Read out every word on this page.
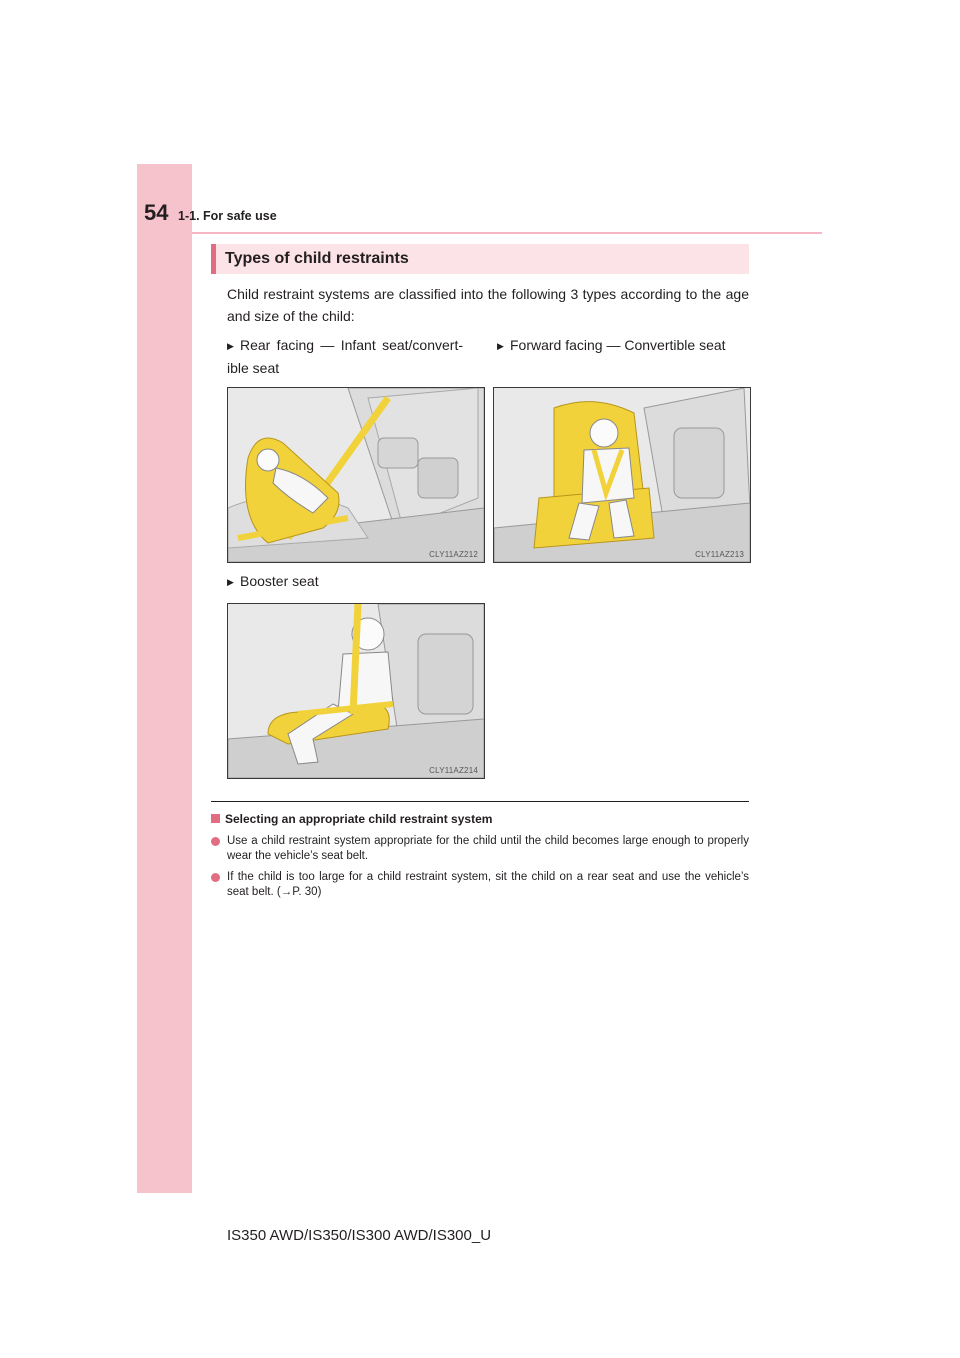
54 1-1. For safe use
Types of child restraints
Child restraint systems are classified into the following 3 types according to the age and size of the child:
▶ Rear facing — Infant seat/convert-ible seat
▶ Forward facing — Convertible seat
▶ Booster seat
CLY11AZ212	CLY11AZ213
CLY11AZ214
Selecting an appropriate child restraint system
Use a child restraint system appropriate for the child until the child becomes large enough to properly wear the vehicle’s seat belt.
If the child is too large for a child restraint system, sit the child on a rear seat and use the vehicle’s seat belt. (→P. 30)
IS350 AWD/IS350/IS300 AWD/IS300_U
